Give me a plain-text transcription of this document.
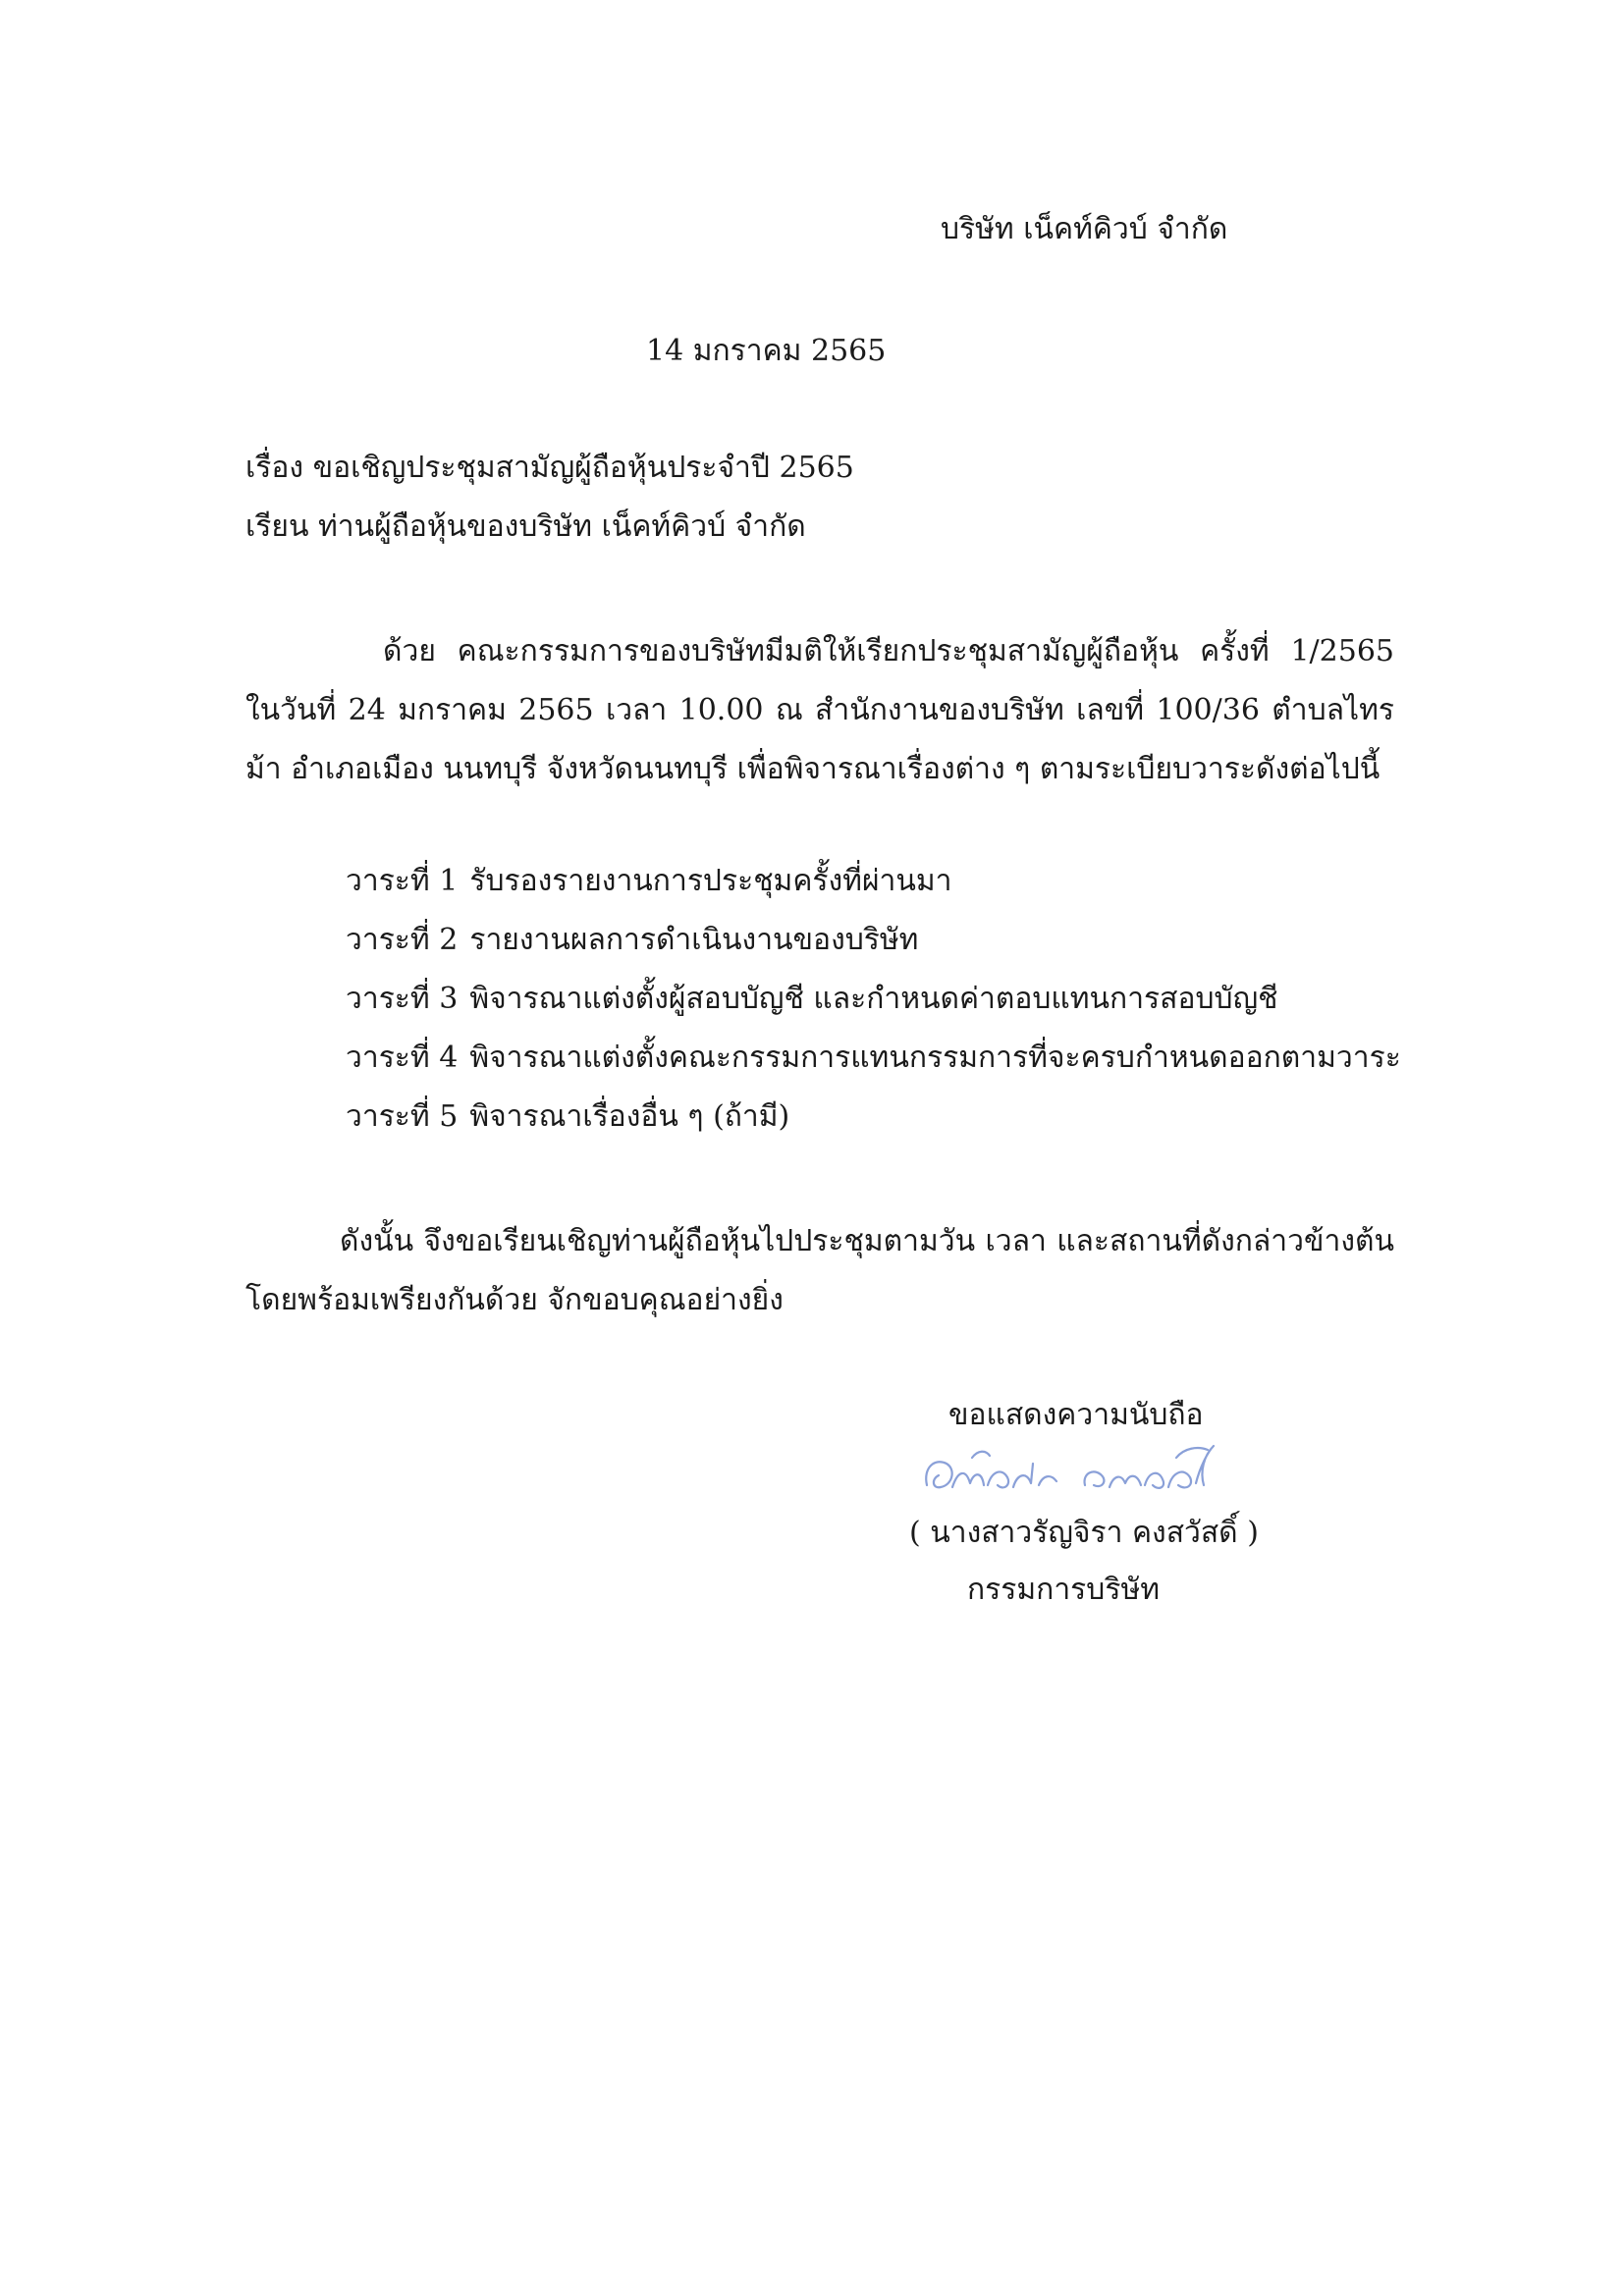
บริษัท เน็คท์คิวบ์ จำกัด
14 มกราคม 2565
เรื่อง ขอเชิญประชุมสามัญผู้ถือหุ้นประจำปี 2565
เรียน ท่านผู้ถือหุ้นของบริษัท เน็คท์คิวบ์ จำกัด
ด้วย คณะกรรมการของบริษัทมีมติให้เรียกประชุมสามัญผู้ถือหุ้น ครั้งที่ 1/2565 ในวันที่ 24 มกราคม 2565 เวลา 10.00 ณ สำนักงานของบริษัท เลขที่ 100/36 ตำบลไทรม้า อำเภอเมือง นนทบุรี จังหวัดนนทบุรี เพื่อพิจารณาเรื่องต่าง ๆ ตามระเบียบวาระดังต่อไปนี้
วาระที่ 1 รับรองรายงานการประชุมครั้งที่ผ่านมา
วาระที่ 2 รายงานผลการดำเนินงานของบริษัท
วาระที่ 3 พิจารณาแต่งตั้งผู้สอบบัญชี และกำหนดค่าตอบแทนการสอบบัญชี
วาระที่ 4 พิจารณาแต่งตั้งคณะกรรมการแทนกรรมการที่จะครบกำหนดออกตามวาระ
วาระที่ 5 พิจารณาเรื่องอื่น ๆ (ถ้ามี)
ดังนั้น จึงขอเรียนเชิญท่านผู้ถือหุ้นไปประชุมตามวัน เวลา และสถานที่ดังกล่าวข้างต้น โดยพร้อมเพรียงกันด้วย จักขอบคุณอย่างยิ่ง
ขอแสดงความนับถือ
( นางสาวรัญจิรา คงสวัสดิ์ )
กรรมการบริษัท
